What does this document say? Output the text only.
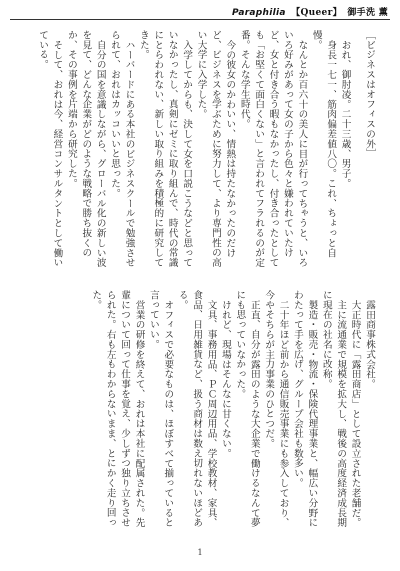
Paraphilia 【Queer】 御手洗 薫

［ビジネスはオフィスの外］

おれ、御肘凌。二十三歳、男子。

身長一七一、筋肉偏差値八〇。これ、ちょっと自慢。

なんとか百六十の美人に目が行ってちゃうと、いろいろ好みがあって女の子から色々と嫌われていたけど、女と付き合う暇もなかったし、付き合ったとしても「お堅くて面白くない」と言われてフラれるのが定番。そんな学生時代。

今の彼女のかわいい、情熱は持たなかったのだけど、ビジネスを学ぶために努力して、より専門性の高い大学に入学した。

入学してからも、決して女を口説こうなどと思っていなかったし、真剣にゼミに取り組んで、時代の常識にとらわれない、新しい取り組みを積極的に研究してきた。

ハーバードにある本社のビジネスクールで勉強させられて、おれはカッコいいと思った。

自分の国を意識しながら、グローバル化の新しい波を見て、どんな企業がどのような戦略で勝ち抜くのか、その事例を片端から研究した。

そして、おれは今、経営コンサルタントとして働いている。

露田商事株式会社。

大正時代に「露田商店」として設立された老舗だ。

主に流通業で規模を拡大し、戦後の高度経済成長期に現在の社名に改称。

製造・販売・物流・保険代理事業と、幅広い分野にわたって手を広げ、グループ会社も数多い。

二十年ほど前から通信販売事業にも参入しており、今やそちらが主力事業のひとつだ。

正直、自分が露田のような大企業で働けるなんて夢にも思っていなかった。

けれど、現場はそんなに甘くない。

文具、事務用品、ＰＣ周辺用品、学校教材、家具、食品、日用雑貨など、扱う商材は数え切れないほどある。

オフィスで必要なものは、ほぼすべて揃っていると言っていい。

営業の研修を終えて、おれは本社に配属された。先輩について回って仕事を覚え、少しずつ独り立ちさせられた。右も左もわからないまま、とにかく走り回った。

1
